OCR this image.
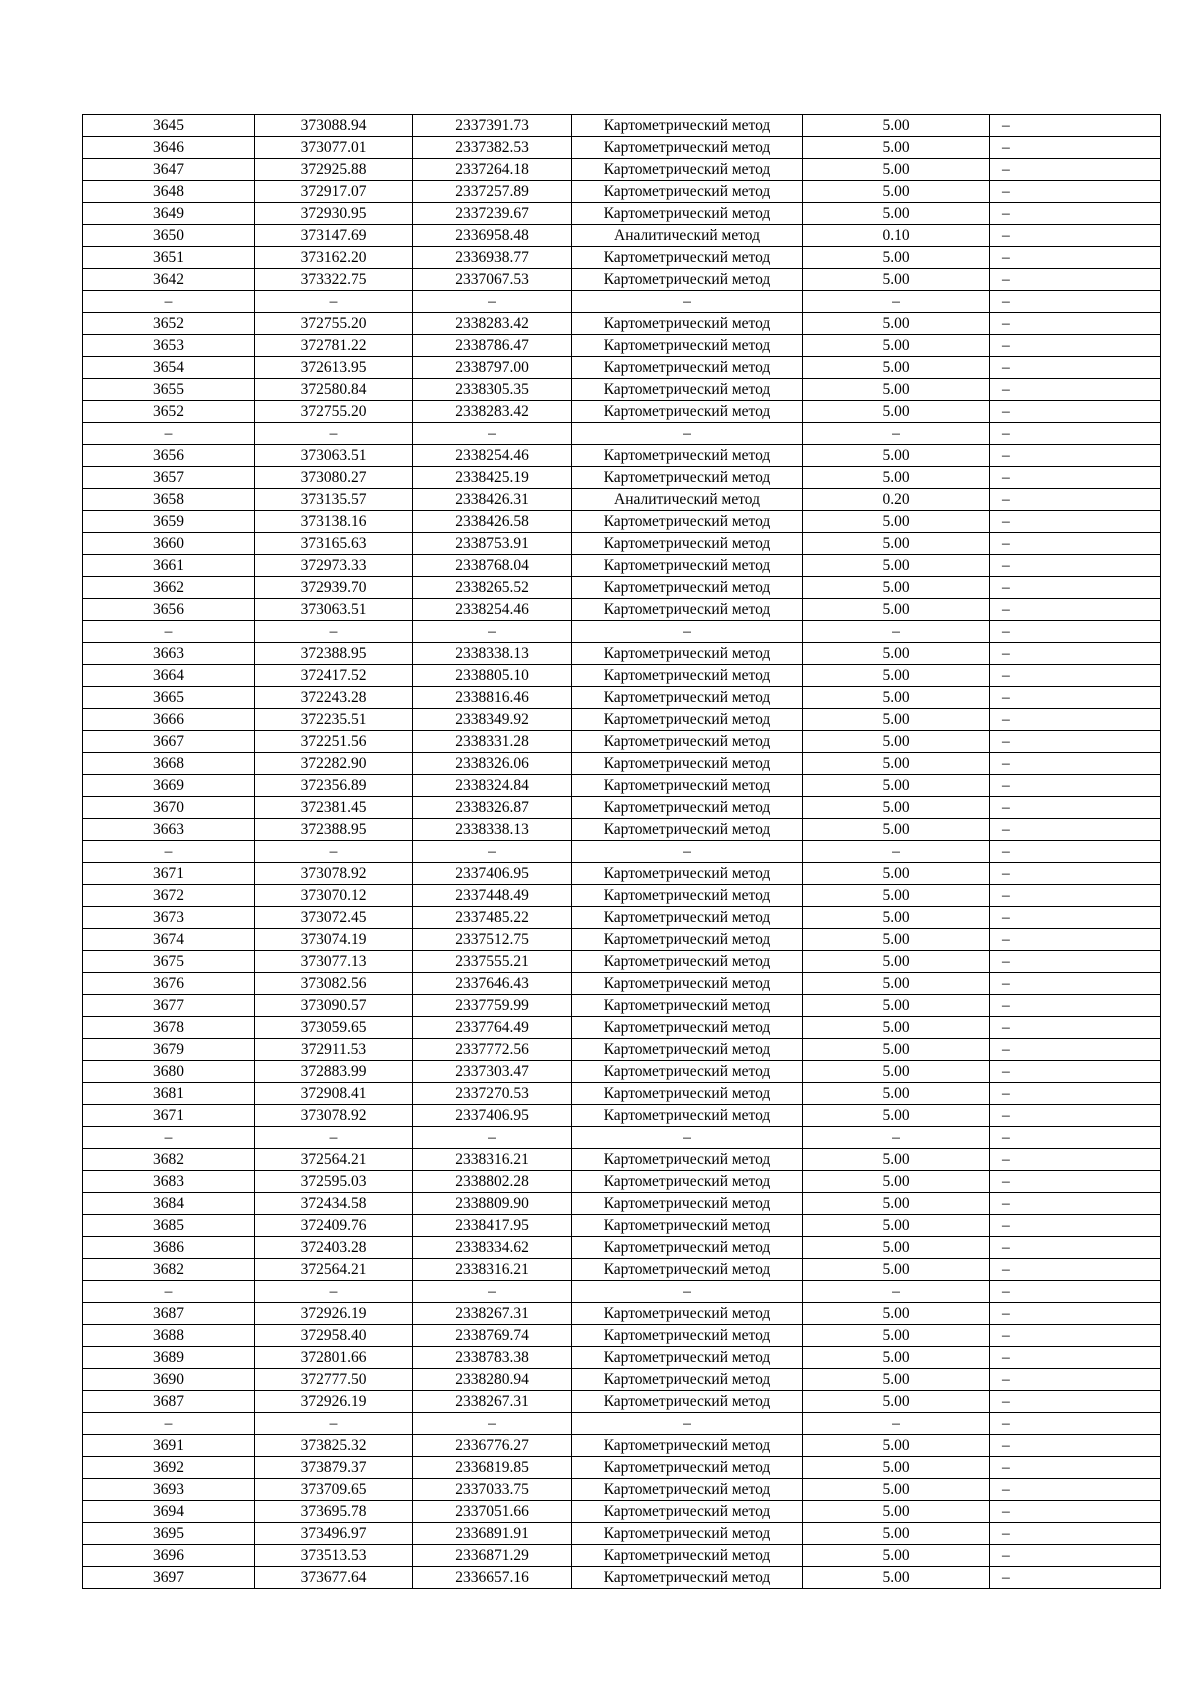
3645	373088.94	2337391.73	Картометрический метод	5.00	–
3646	373077.01	2337382.53	Картометрический метод	5.00	–
3647	372925.88	2337264.18	Картометрический метод	5.00	–
3648	372917.07	2337257.89	Картометрический метод	5.00	–
3649	372930.95	2337239.67	Картометрический метод	5.00	–
3650	373147.69	2336958.48	Аналитический метод	0.10	–
3651	373162.20	2336938.77	Картометрический метод	5.00	–
3642	373322.75	2337067.53	Картометрический метод	5.00	–
–	–	–	–	–	–
3652	372755.20	2338283.42	Картометрический метод	5.00	–
3653	372781.22	2338786.47	Картометрический метод	5.00	–
3654	372613.95	2338797.00	Картометрический метод	5.00	–
3655	372580.84	2338305.35	Картометрический метод	5.00	–
3652	372755.20	2338283.42	Картометрический метод	5.00	–
–	–	–	–	–	–
3656	373063.51	2338254.46	Картометрический метод	5.00	–
3657	373080.27	2338425.19	Картометрический метод	5.00	–
3658	373135.57	2338426.31	Аналитический метод	0.20	–
3659	373138.16	2338426.58	Картометрический метод	5.00	–
3660	373165.63	2338753.91	Картометрический метод	5.00	–
3661	372973.33	2338768.04	Картометрический метод	5.00	–
3662	372939.70	2338265.52	Картометрический метод	5.00	–
3656	373063.51	2338254.46	Картометрический метод	5.00	–
–	–	–	–	–	–
3663	372388.95	2338338.13	Картометрический метод	5.00	–
3664	372417.52	2338805.10	Картометрический метод	5.00	–
3665	372243.28	2338816.46	Картометрический метод	5.00	–
3666	372235.51	2338349.92	Картометрический метод	5.00	–
3667	372251.56	2338331.28	Картометрический метод	5.00	–
3668	372282.90	2338326.06	Картометрический метод	5.00	–
3669	372356.89	2338324.84	Картометрический метод	5.00	–
3670	372381.45	2338326.87	Картометрический метод	5.00	–
3663	372388.95	2338338.13	Картометрический метод	5.00	–
–	–	–	–	–	–
3671	373078.92	2337406.95	Картометрический метод	5.00	–
3672	373070.12	2337448.49	Картометрический метод	5.00	–
3673	373072.45	2337485.22	Картометрический метод	5.00	–
3674	373074.19	2337512.75	Картометрический метод	5.00	–
3675	373077.13	2337555.21	Картометрический метод	5.00	–
3676	373082.56	2337646.43	Картометрический метод	5.00	–
3677	373090.57	2337759.99	Картометрический метод	5.00	–
3678	373059.65	2337764.49	Картометрический метод	5.00	–
3679	372911.53	2337772.56	Картометрический метод	5.00	–
3680	372883.99	2337303.47	Картометрический метод	5.00	–
3681	372908.41	2337270.53	Картометрический метод	5.00	–
3671	373078.92	2337406.95	Картометрический метод	5.00	–
–	–	–	–	–	–
3682	372564.21	2338316.21	Картометрический метод	5.00	–
3683	372595.03	2338802.28	Картометрический метод	5.00	–
3684	372434.58	2338809.90	Картометрический метод	5.00	–
3685	372409.76	2338417.95	Картометрический метод	5.00	–
3686	372403.28	2338334.62	Картометрический метод	5.00	–
3682	372564.21	2338316.21	Картометрический метод	5.00	–
–	–	–	–	–	–
3687	372926.19	2338267.31	Картометрический метод	5.00	–
3688	372958.40	2338769.74	Картометрический метод	5.00	–
3689	372801.66	2338783.38	Картометрический метод	5.00	–
3690	372777.50	2338280.94	Картометрический метод	5.00	–
3687	372926.19	2338267.31	Картометрический метод	5.00	–
–	–	–	–	–	–
3691	373825.32	2336776.27	Картометрический метод	5.00	–
3692	373879.37	2336819.85	Картометрический метод	5.00	–
3693	373709.65	2337033.75	Картометрический метод	5.00	–
3694	373695.78	2337051.66	Картометрический метод	5.00	–
3695	373496.97	2336891.91	Картометрический метод	5.00	–
3696	373513.53	2336871.29	Картометрический метод	5.00	–
3697	373677.64	2336657.16	Картометрический метод	5.00	–
